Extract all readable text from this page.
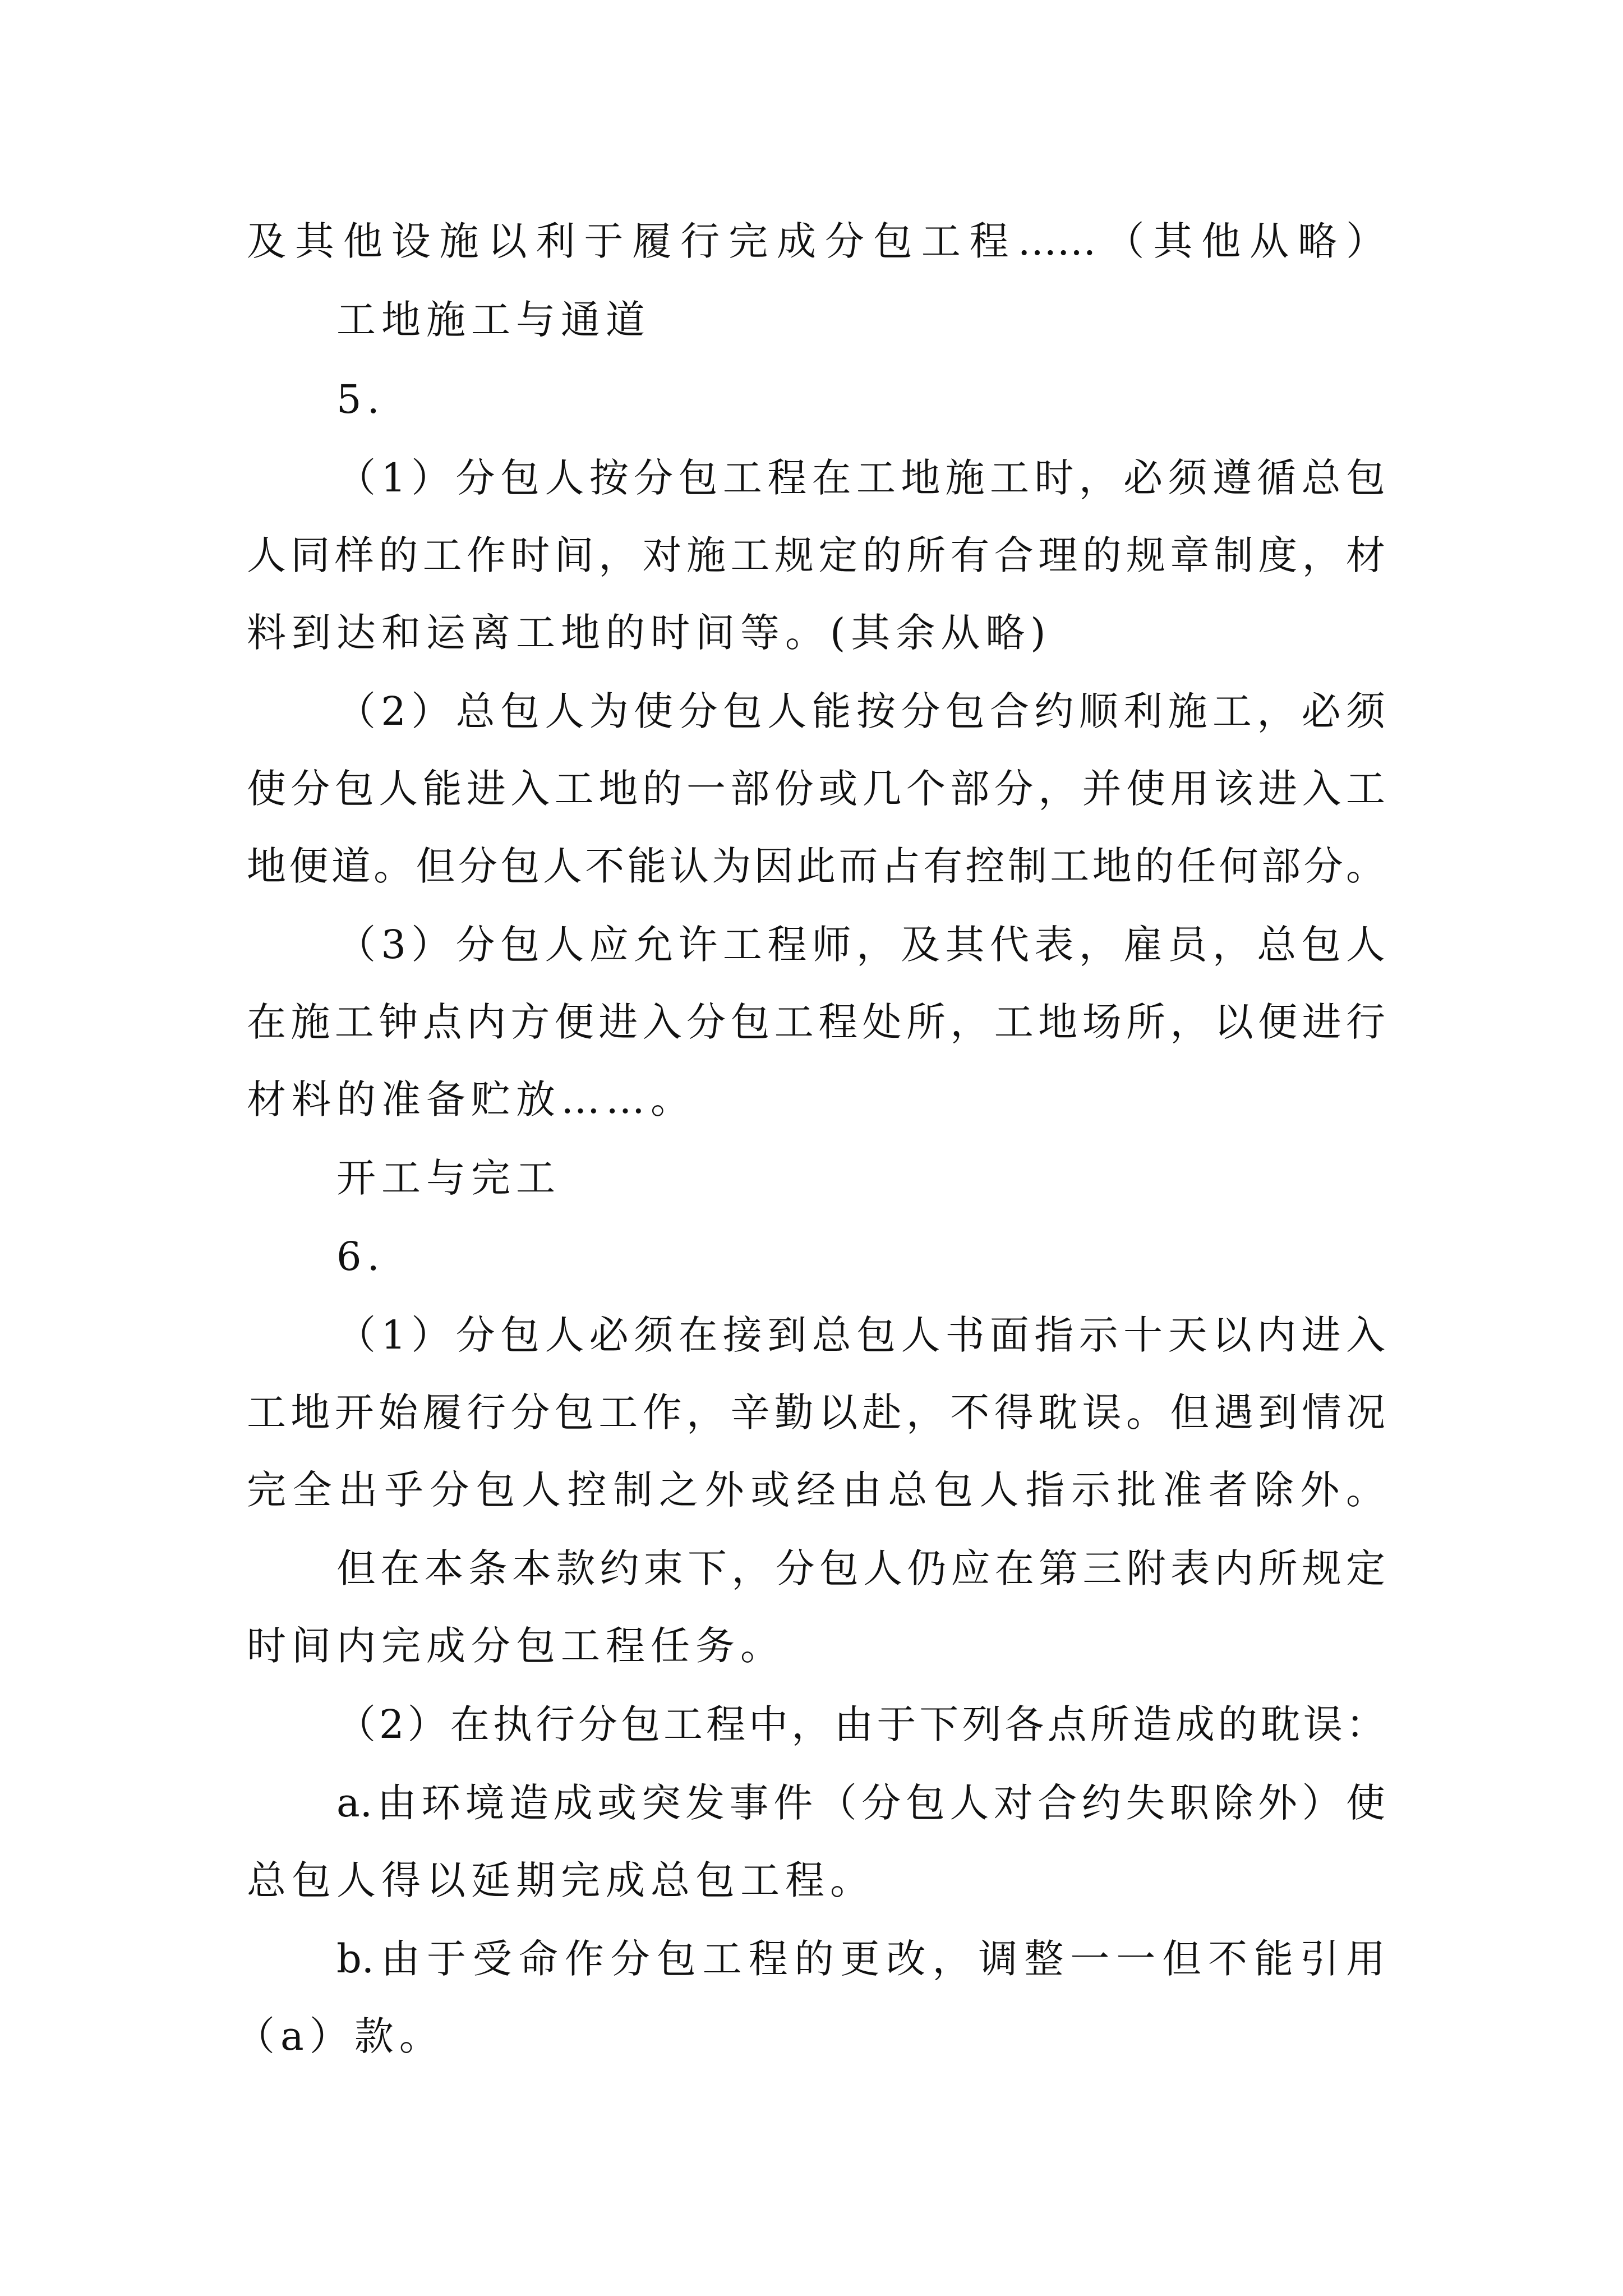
及其他设施以利于履行完成分包工程……（其他从略）
工地施工与通道
5.
（1）分包人按分包工程在工地施工时，必须遵循总包
人同样的工作时间，对施工规定的所有合理的规章制度，材
料到达和运离工地的时间等。(其余从略)
（2）总包人为使分包人能按分包合约顺利施工，必须
使分包人能进入工地的一部份或几个部分，并使用该进入工
地便道。但分包人不能认为因此而占有控制工地的任何部分。
（3）分包人应允许工程师，及其代表，雇员，总包人
在施工钟点内方便进入分包工程处所，工地场所，以便进行
材料的准备贮放……。
开工与完工
6.
（1）分包人必须在接到总包人书面指示十天以内进入
工地开始履行分包工作，辛勤以赴，不得耽误。但遇到情况
完全出乎分包人控制之外或经由总包人指示批准者除外。
但在本条本款约束下，分包人仍应在第三附表内所规定
时间内完成分包工程任务。
（2）在执行分包工程中，由于下列各点所造成的耽误：
a.由环境造成或突发事件（分包人对合约失职除外）使
总包人得以延期完成总包工程。
b.由于受命作分包工程的更改，调整一一但不能引用
（a）款。
